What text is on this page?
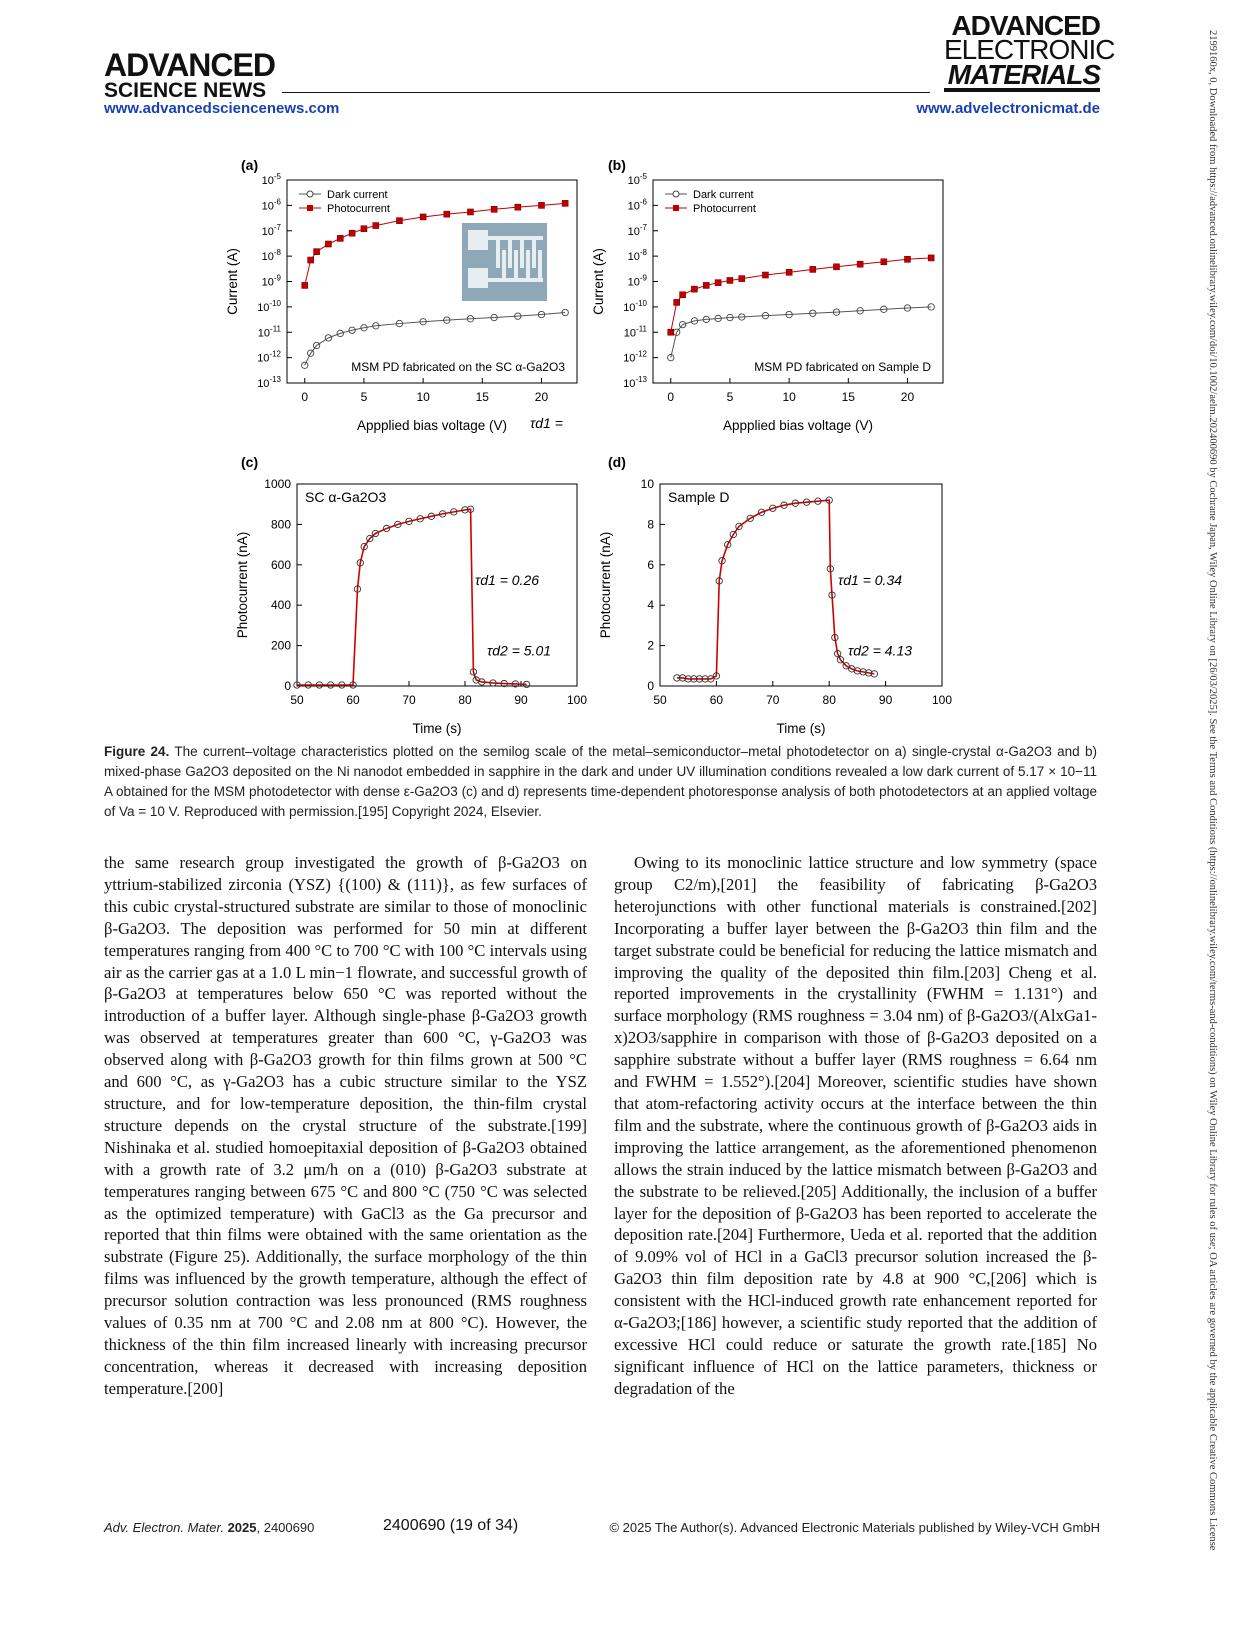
ADVANCED
SCIENCE NEWS
ADVANCED
ELECTRONIC
MATERIALS
www.advancedsciencenews.com	www.advelectronicmat.de	2199160x, 0, Downloaded from https://advanced.onlinelibrary.wiley.com/doi/10.1002/aelm.202400690 by Cochrane Japan, Wiley Online Library on [26/03/2025]. See the Terms and Conditions (https://onlinelibrary.wiley.com/terms-and-conditions) on Wiley Online Library for rules of use; OA articles are governed by the applicable Creative Commons License
(a)	(b)
(c)	(d)
τd1 =
0	5	10	15	20
$10^{-13}$
$10^{-12}$
$10^{-11}$
$10^{-10}$
$10^{-9}$
$10^{-8}$
$10^{-7}$
$10^{-6}$
$10^{-5}$
Appplied bias voltage (V)
Current (A)
Dark current
Photocurrent
MSM PD fabricated on the SC α-Ga2O3
0	5	10	15	20
$10^{-13}$
$10^{-12}$
$10^{-11}$
$10^{-10}$
$10^{-9}$
$10^{-8}$
$10^{-7}$
$10^{-6}$
$10^{-5}$
Appplied bias voltage (V)
Current (A)
Dark current
Photocurrent
MSM PD fabricated on Sample D
50	60	70	80	90	100
0
200
400
600
800
1000
Time (s)
Photocurrent (nA)
SC α-Ga2O3
τd1 = 0.26
τd2 = 5.01
50	60	70	80	90	100
0
2
4
6
8
10
Time (s)
Photocurrent (nA)
Sample D
τd1 = 0.34
τd2 = 4.13
Figure 24. The current–voltage characteristics plotted on the semilog scale of the metal–semiconductor–metal photodetector on a) single-crystal α-Ga2O3 and b) mixed-phase Ga2O3 deposited on the Ni nanodot embedded in sapphire in the dark and under UV illumination conditions revealed a low dark current of 5.17 × 10−11 A obtained for the MSM photodetector with dense ε-Ga2O3 (c) and d) represents time-dependent photoresponse analysis of both photodetectors at an applied voltage of Va = 10 V. Reproduced with permission.[195] Copyright 2024, Elsevier.
the same research group investigated the growth of β-Ga2O3 on yttrium-stabilized zirconia (YSZ) {(100) & (111)}, as few surfaces of this cubic crystal-structured substrate are similar to those of monoclinic β-Ga2O3. The deposition was performed for 50 min at different temperatures ranging from 400 °C to 700 °C with 100 °C intervals using air as the carrier gas at a 1.0 L min−1 flowrate, and successful growth of β-Ga2O3 at temperatures below 650 °C was reported without the introduction of a buffer layer. Although single-phase β-Ga2O3 growth was observed at temperatures greater than 600 °C, γ-Ga2O3 was observed along with β-Ga2O3 growth for thin films grown at 500 °C and 600 °C, as γ-Ga2O3 has a cubic structure similar to the YSZ structure, and for low-temperature deposition, the thin-film crystal structure depends on the crystal structure of the substrate.[199] Nishinaka et al. studied homoepitaxial deposition of β-Ga2O3 obtained with a growth rate of 3.2 μm/h on a (010) β-Ga2O3 substrate at temperatures ranging between 675 °C and 800 °C (750 °C was selected as the optimized temperature) with GaCl3 as the Ga precursor and reported that thin films were obtained with the same orientation as the substrate (Figure 25). Additionally, the surface morphology of the thin films was influenced by the growth temperature, although the effect of precursor solution contraction was less pronounced (RMS roughness values of 0.35 nm at 700 °C and 2.08 nm at 800 °C). However, the thickness of the thin film increased linearly with increasing precursor concentration, whereas it decreased with increasing deposition temperature.[200]
Owing to its monoclinic lattice structure and low symmetry (space group C2/m),[201] the feasibility of fabricating β-Ga2O3 heterojunctions with other functional materials is constrained.[202] Incorporating a buffer layer between the β-Ga2O3 thin film and the target substrate could be beneficial for reducing the lattice mismatch and improving the quality of the deposited thin film.[203] Cheng et al. reported improvements in the crystallinity (FWHM = 1.131°) and surface morphology (RMS roughness = 3.04 nm) of β-Ga2O3/(AlxGa1-x)2O3/sapphire in comparison with those of β-Ga2O3 deposited on a sapphire substrate without a buffer layer (RMS roughness = 6.64 nm and FWHM = 1.552°).[204] Moreover, scientific studies have shown that atom-refactoring activity occurs at the interface between the thin film and the substrate, where the continuous growth of β-Ga2O3 aids in improving the lattice arrangement, as the aforementioned phenomenon allows the strain induced by the lattice mismatch between β-Ga2O3 and the substrate to be relieved.[205] Additionally, the inclusion of a buffer layer for the deposition of β-Ga2O3 has been reported to accelerate the deposition rate.[204] Furthermore, Ueda et al. reported that the addition of 9.09% vol of HCl in a GaCl3 precursor solution increased the β-Ga2O3 thin film deposition rate by 4.8 at 900 °C,[206] which is consistent with the HCl-induced growth rate enhancement reported for α-Ga2O3;[186] however, a scientific study reported that the addition of excessive HCl could reduce or saturate the growth rate.[185] No significant influence of HCl on the lattice parameters, thickness or degradation of the
Adv. Electron. Mater. 2025, 2400690	2400690 (19 of 34)	© 2025 The Author(s). Advanced Electronic Materials published by Wiley-VCH GmbH
